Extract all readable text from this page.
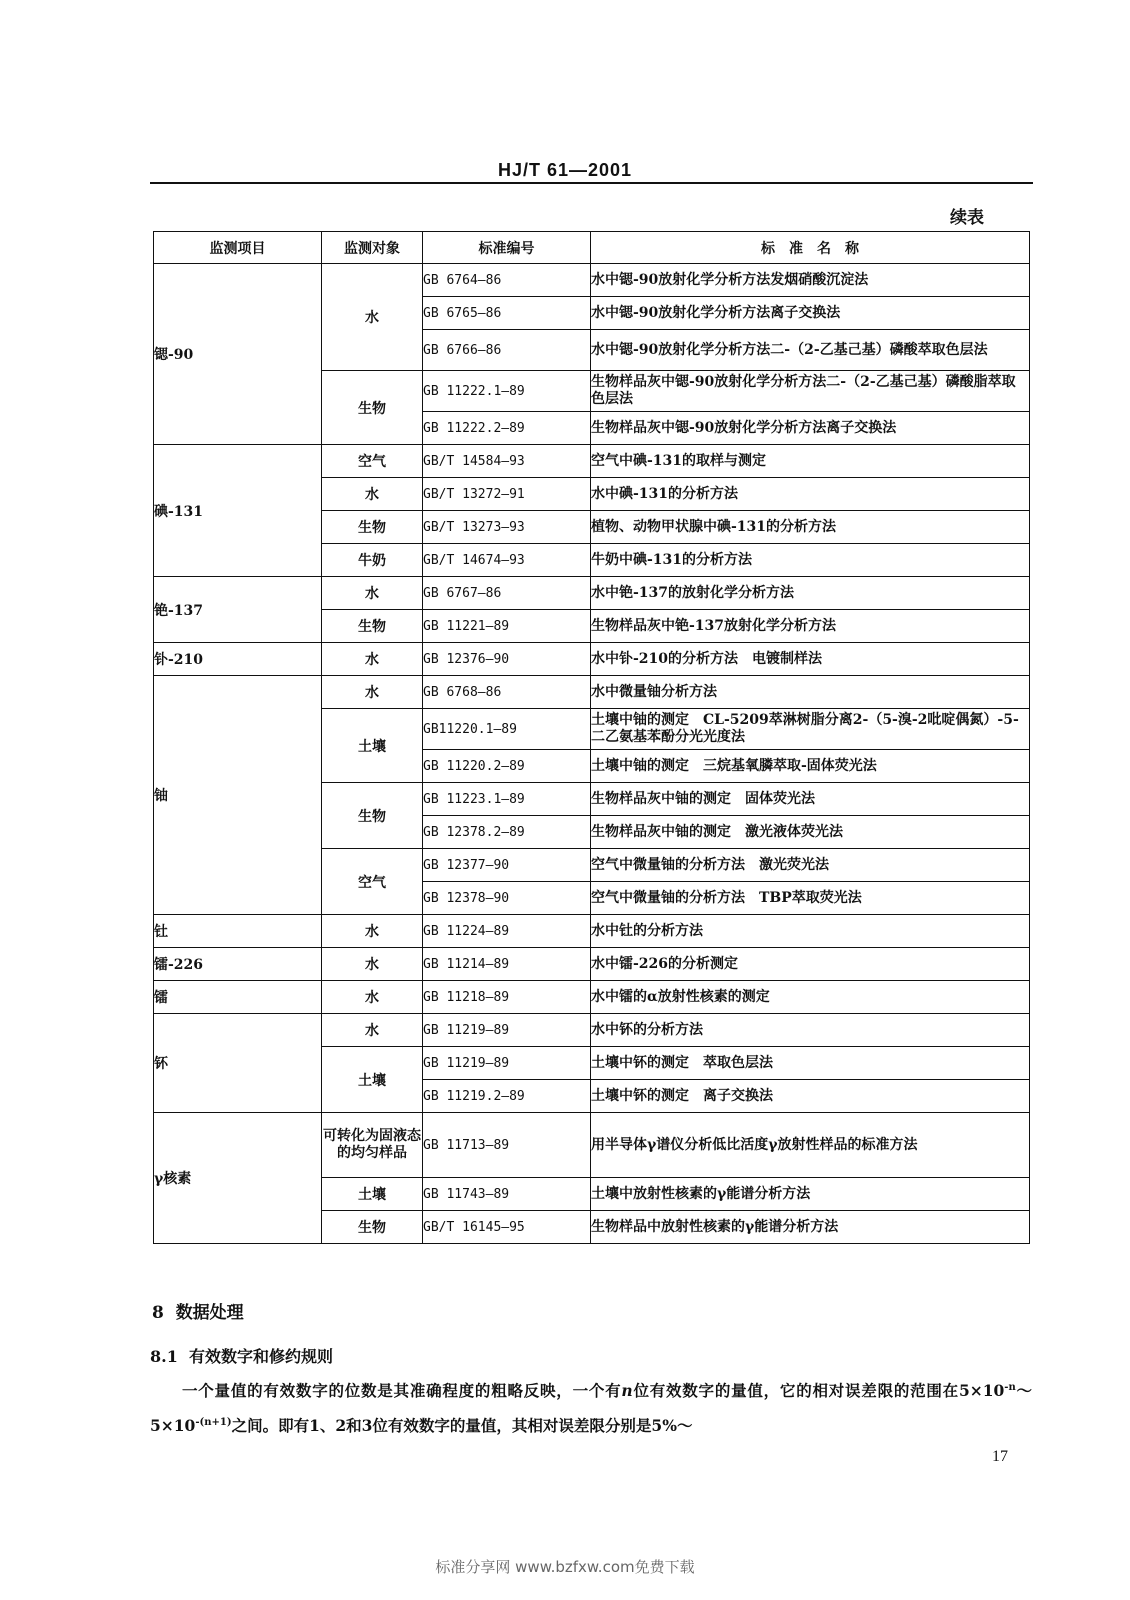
HJ/T 61—2001
续表
监测项目	监测对象	标准编号	标　准　名　称
锶-90	水	GB 6764—86	水中锶-90放射化学分析方法发烟硝酸沉淀法
		GB 6765—86	水中锶-90放射化学分析方法离子交换法
		GB 6766—86	水中锶-90放射化学分析方法二-（2-乙基己基）磷酸萃取色层法
	生物	GB 11222.1—89	生物样品灰中锶-90放射化学分析方法二-（2-乙基己基）磷酸脂萃取色层法
		GB 11222.2—89	生物样品灰中锶-90放射化学分析方法离子交换法
碘-131	空气	GB/T 14584—93	空气中碘-131的取样与测定
	水	GB/T 13272—91	水中碘-131的分析方法
	生物	GB/T 13273—93	植物、动物甲状腺中碘-131的分析方法
	牛奶	GB/T 14674—93	牛奶中碘-131的分析方法
铯-137	水	GB 6767—86	水中铯-137的放射化学分析方法
	生物	GB 11221—89	生物样品灰中铯-137放射化学分析方法
钋-210	水	GB 12376—90	水中钋-210的分析方法　电镀制样法
铀	水	GB 6768—86	水中微量铀分析方法
	土壤	GB11220.1—89	土壤中铀的测定　CL-5209萃淋树脂分离2-（5-溴-2吡啶偶氮）-5-二乙氨基苯酚分光光度法
		GB 11220.2—89	土壤中铀的测定　三烷基氧膦萃取-固体荧光法
	生物	GB 11223.1—89	生物样品灰中铀的测定　固体荧光法
		GB 12378.2—89	生物样品灰中铀的测定　激光液体荧光法
	空气	GB 12377—90	空气中微量铀的分析方法　激光荧光法
		GB 12378—90	空气中微量铀的分析方法　TBP萃取荧光法
钍	水	GB 11224—89	水中钍的分析方法
镭-226	水	GB 11214—89	水中镭-226的分析测定
镭	水	GB 11218—89	水中镭的α放射性核素的测定
钚	水	GB 11219—89	水中钚的分析方法
	土壤	GB 11219—89	土壤中钚的测定　萃取色层法
		GB 11219.2—89	土壤中钚的测定　离子交换法
γ核素	可转化为固液态的均匀样品	GB 11713—89	用半导体γ谱仪分析低比活度γ放射性样品的标准方法
	土壤	GB 11743—89	土壤中放射性核素的γ能谱分析方法
	生物	GB/T 16145—95	生物样品中放射性核素的γ能谱分析方法
8 数据处理
8.1 有效数字和修约规则
一个量值的有效数字的位数是其准确程度的粗略反映，一个有n位有效数字的量值，它的相对误差限的范围在$5\times 10^{-n}\sim 5\times 10^{-(n+1)}$之间。即有1、2和3位有效数字的量值，其相对误差限分别是5%～
17
标准分享网 www.bzfxw.com免费下载
